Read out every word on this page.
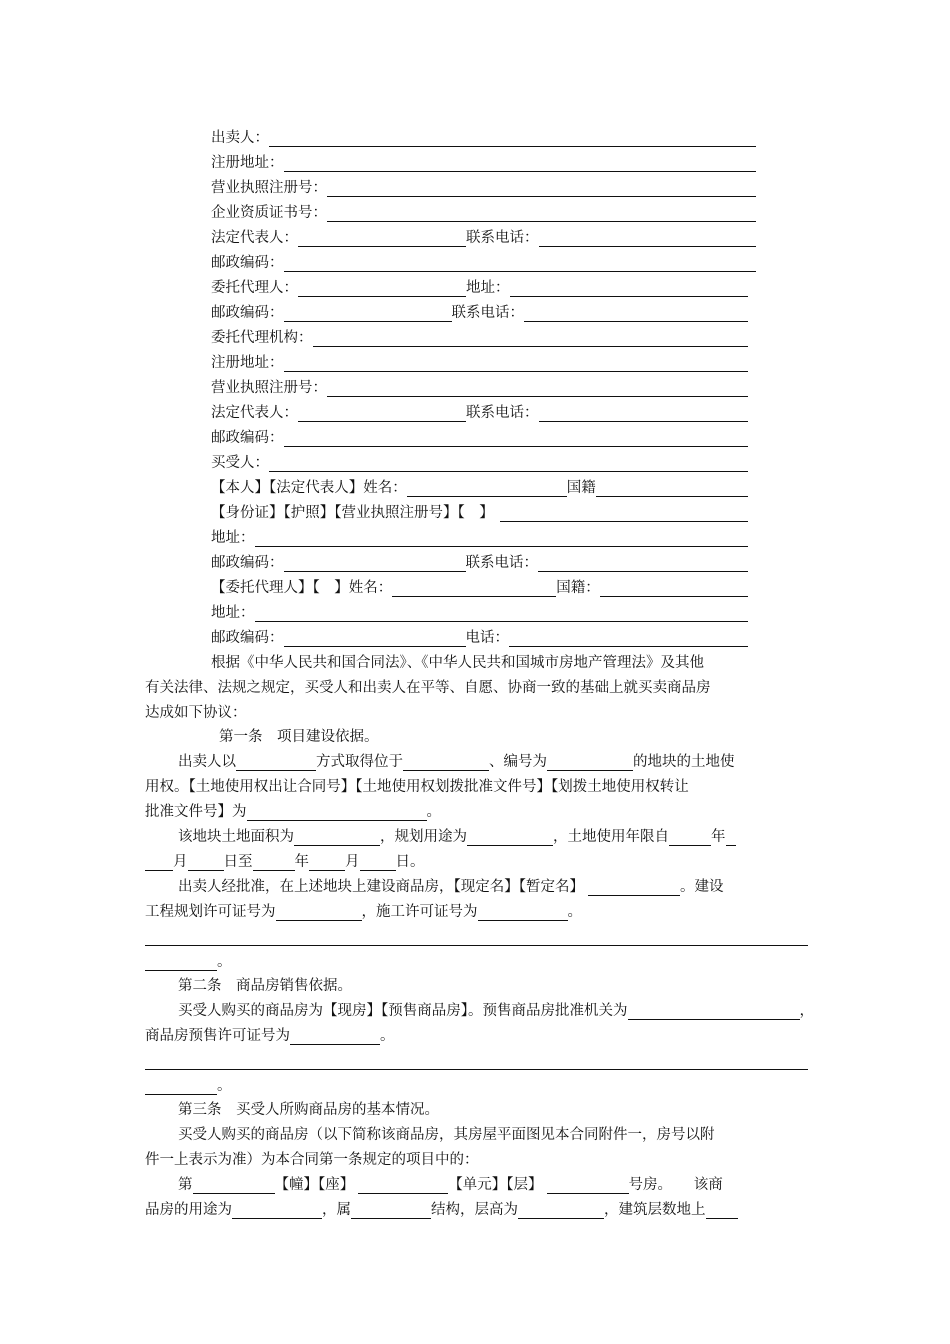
出卖人：
注册地址：
营业执照注册号：
企业资质证书号：
法定代表人：	联系电话：
邮政编码：
委托代理人：	地址：
邮政编码：	联系电话：
委托代理机构：
注册地址：
营业执照注册号：
法定代表人：	联系电话：
邮政编码：
买受人：
【本人】【法定代表人】姓名：	国籍
【身份证】【护照】【营业执照注册号】【　】
地址：
邮政编码：	联系电话：
【委托代理人】【　】姓名：	国籍：
地址：
邮政编码：	电话：
根据《中华人民共和国合同法》、《中华人民共和国城市房地产管理法》及其他
有关法律、法规之规定，买受人和出卖人在平等、自愿、协商一致的基础上就买卖商品房
达成如下协议：
第一条　项目建设依据。
出卖人以	方式取得位于	、编号为	的地块的土地使
用权。【土地使用权出让合同号】【土地使用权划拨批准文件号】【划拨土地使用权转让
批准文件号】为	。
该地块土地面积为	，规划用途为	，土地使用年限自	年
月 日至	年 月 日。
出卖人经批准，在上述地块上建设商品房，【现定名】【暂定名】	。建设
工程规划许可证号为	，施工许可证号为	。
。
第二条　商品房销售依据。
买受人购买的商品房为【现房】【预售商品房】。预售商品房批准机关为	，
商品房预售许可证号为	。
。
第三条　买受人所购商品房的基本情况。
买受人购买的商品房（以下简称该商品房，其房屋平面图见本合同附件一，房号以附
件一上表示为准）为本合同第一条规定的项目中的：
第	【幢】【座】	【单元】【层】	号房。　　该商
品房的用途为	，属	结构，层高为	，建筑层数地上
